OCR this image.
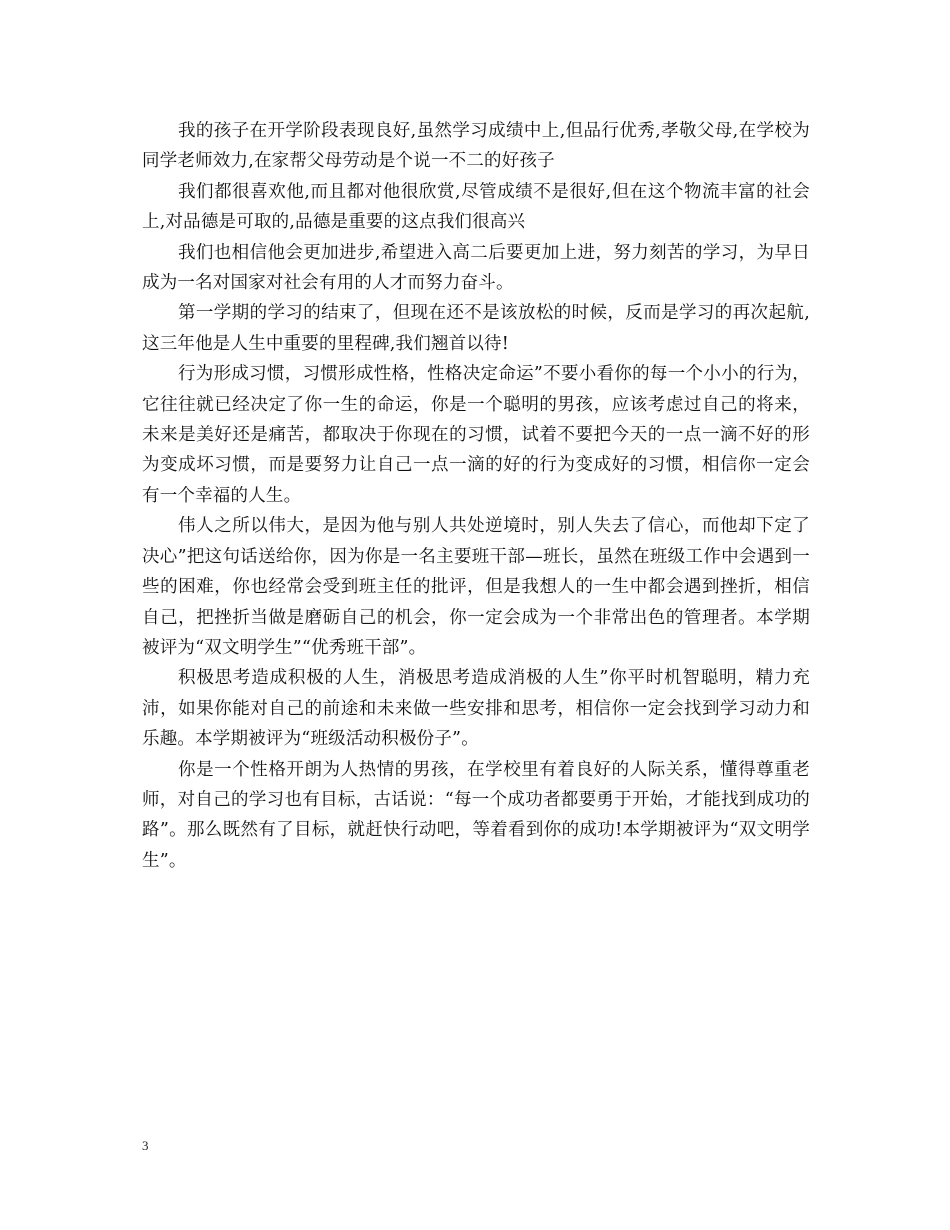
我的孩子在开学阶段表现良好,虽然学习成绩中上,但品行优秀,孝敬父母,在学校为同学老师效力,在家帮父母劳动是个说一不二的好孩子

我们都很喜欢他,而且都对他很欣赏,尽管成绩不是很好,但在这个物流丰富的社会上,对品德是可取的,品德是重要的这点我们很高兴

我们也相信他会更加进步,希望进入高二后要更加上进，努力刻苦的学习，为早日成为一名对国家对社会有用的人才而努力奋斗。

第一学期的学习的结束了，但现在还不是该放松的时候，反而是学习的再次起航,这三年他是人生中重要的里程碑,我们翘首以待!

行为形成习惯，习惯形成性格，性格决定命运”不要小看你的每一个小小的行为，它往往就已经决定了你一生的命运，你是一个聪明的男孩，应该考虑过自己的将来，未来是美好还是痛苦，都取决于你现在的习惯，试着不要把今天的一点一滴不好的形为变成坏习惯，而是要努力让自己一点一滴的好的行为变成好的习惯，相信你一定会有一个幸福的人生。

伟人之所以伟大，是因为他与别人共处逆境时，别人失去了信心，而他却下定了决心”把这句话送给你，因为你是一名主要班干部—班长，虽然在班级工作中会遇到一些的困难，你也经常会受到班主任的批评，但是我想人的一生中都会遇到挫折，相信自己，把挫折当做是磨砺自己的机会，你一定会成为一个非常出色的管理者。本学期被评为“双文明学生”“优秀班干部”。

积极思考造成积极的人生，消极思考造成消极的人生”你平时机智聪明，精力充沛，如果你能对自己的前途和未来做一些安排和思考，相信你一定会找到学习动力和乐趣。本学期被评为“班级活动积极份子”。

你是一个性格开朗为人热情的男孩，在学校里有着良好的人际关系，懂得尊重老师，对自己的学习也有目标，古话说：“每一个成功者都要勇于开始，才能找到成功的路”。那么既然有了目标，就赶快行动吧，等着看到你的成功!本学期被评为“双文明学生”。

3
